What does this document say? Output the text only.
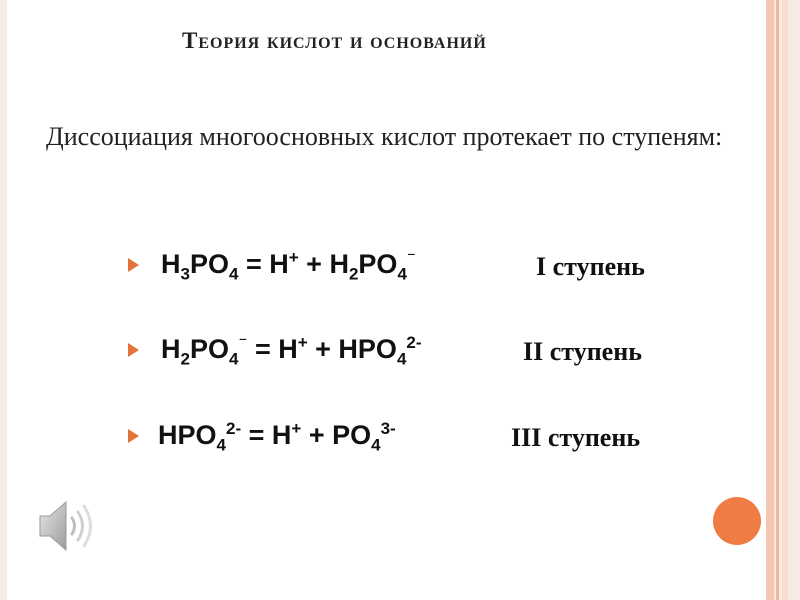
Теория кислот и оснований
Диссоциация многоосновных кислот протекает по ступеням:
$H_3PO_4 = H^+ + H_2PO_4^{^-}$	I ступень
$H_2PO_4^{^-} = H^+ + HPO_4^{2-}$	II ступень
$HPO_4^{2-} = H^+ + PO_4^{3-}$	III ступень
